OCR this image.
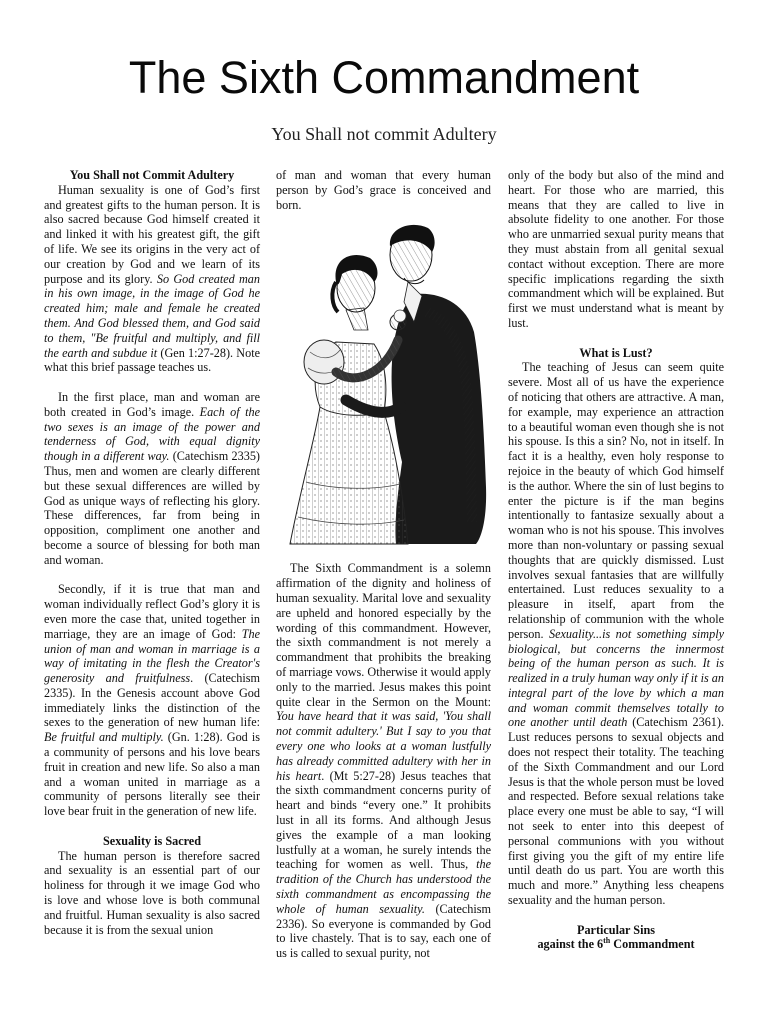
The Sixth Commandment
You Shall not commit Adultery
You Shall not Commit Adultery

Human sexuality is one of God’s first and greatest gifts to the human person. It is also sacred because God himself created it and linked it with his greatest gift, the gift of life. We see its origins in the very act of our creation by God and we learn of its purpose and its glory. So God created man in his own image, in the image of God he created him; male and female he created them. And God blessed them, and God said to them, "Be fruitful and multiply, and fill the earth and subdue it (Gen 1:27-28). Note what this brief passage teaches us.

In the first place, man and woman are both created in God’s image. Each of the two sexes is an image of the power and tenderness of God, with equal dignity though in a different way. (Catechism 2335) Thus, men and women are clearly different but these sexual differences are willed by God as unique ways of reflecting his glory. These differences, far from being in opposition, compliment one another and become a source of blessing for both man and woman.

Secondly, if it is true that man and woman individually reflect God’s glory it is even more the case that, united together in marriage, they are an image of God: The union of man and woman in marriage is a way of imitating in the flesh the Creator's generosity and fruitfulness. (Catechism 2335). In the Genesis account above God immediately links the distinction of the sexes to the generation of new human life: Be fruitful and multiply. (Gn. 1:28). God is a community of persons and his love bears fruit in creation and new life. So also a man and a woman united in marriage as a community of persons literally see their love bear fruit in the generation of new life.

Sexuality is Sacred

The human person is therefore sacred and sexuality is an essential part of our holiness for through it we image God who is love and whose love is both communal and fruitful. Human sexuality is also sacred because it is from the sexual union

of man and woman that every human person by God’s grace is conceived and born.

The Sixth Commandment is a solemn affirmation of the dignity and holiness of human sexuality. Marital love and sexuality are upheld and honored especially by the wording of this commandment. However, the sixth commandment is not merely a commandment that prohibits the breaking of marriage vows. Otherwise it would apply only to the married. Jesus makes this point quite clear in the Sermon on the Mount: You have heard that it was said, 'You shall not commit adultery.' But I say to you that every one who looks at a woman lustfully has already committed adultery with her in his heart. (Mt 5:27-28) Jesus teaches that the sixth commandment concerns purity of heart and binds “every one.” It prohibits lust in all its forms. And although Jesus gives the example of a man looking lustfully at a woman, he surely intends the teaching for women as well. Thus, the tradition of the Church has understood the sixth commandment as encompassing the whole of human sexuality. (Catechism 2336). So everyone is commanded by God to live chastely. That is to say, each one of us is called to sexual purity, not

only of the body but also of the mind and heart. For those who are married, this means that they are called to live in absolute fidelity to one another. For those who are unmarried sexual purity means that they must abstain from all genital sexual contact without exception. There are more specific implications regarding the sixth commandment which will be explained. But first we must understand what is meant by lust.

What is Lust?

The teaching of Jesus can seem quite severe. Most all of us have the experience of noticing that others are attractive. A man, for example, may experience an attraction to a beautiful woman even though she is not his spouse. Is this a sin? No, not in itself. In fact it is a healthy, even holy response to rejoice in the beauty of which God himself is the author. Where the sin of lust begins to enter the picture is if the man begins intentionally to fantasize sexually about a woman who is not his spouse. This involves more than non-voluntary or passing sexual thoughts that are quickly dismissed. Lust involves sexual fantasies that are willfully entertained. Lust reduces sexuality to a pleasure in itself, apart from the relationship of communion with the whole person. Sexuality...is not something simply biological, but concerns the innermost being of the human person as such. It is realized in a truly human way only if it is an integral part of the love by which a man and woman commit themselves totally to one another until death (Catechism 2361). Lust reduces persons to sexual objects and does not respect their totality. The teaching of the Sixth Commandment and our Lord Jesus is that the whole person must be loved and respected. Before sexual relations take place every one must be able to say, “I will not seek to enter into this deepest of personal communions with you without first giving you the gift of my entire life until death do us part. You are worth this much and more.” Anything less cheapens sexuality and the human person.

Particular Sins
against the 6th Commandment
